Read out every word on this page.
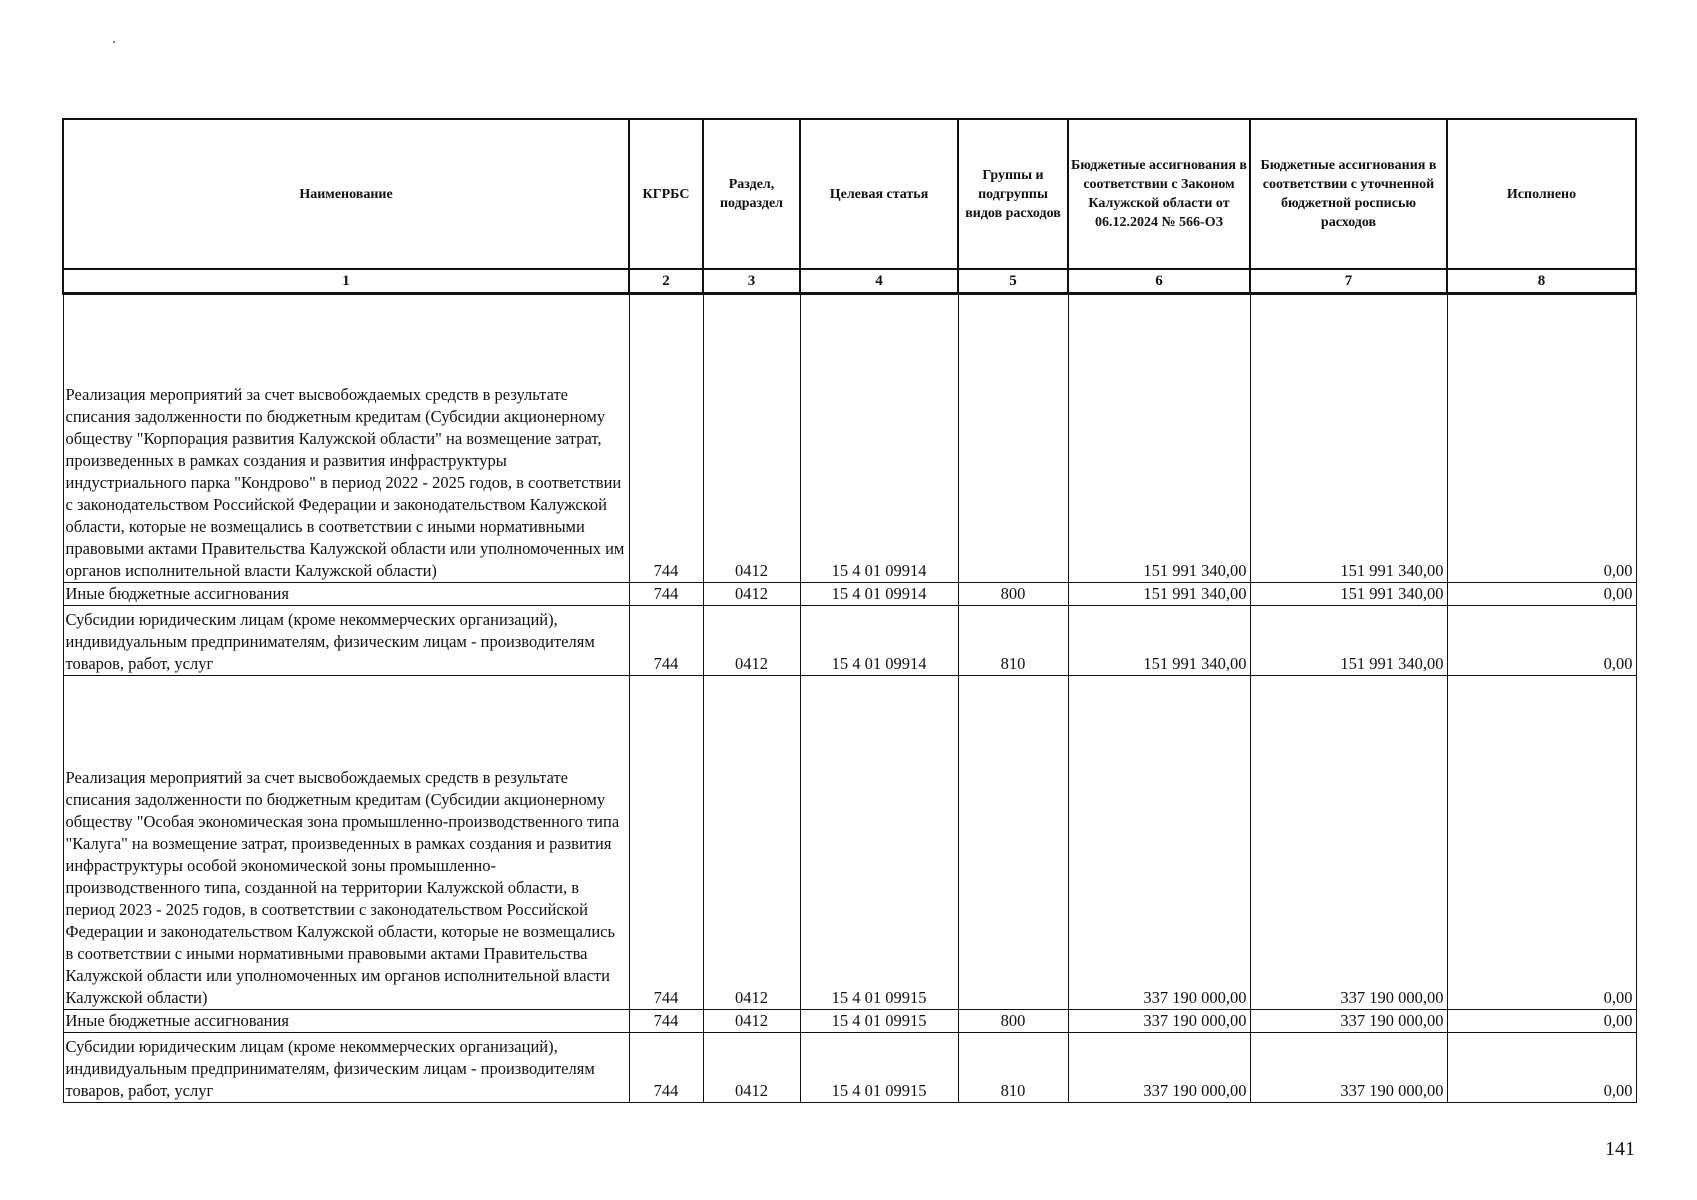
Наименование	КГРБС	Раздел, подраздел	Целевая статья	Группы и подгруппы видов расходов	Бюджетные ассигнования в соответствии с Законом Калужской области от 06.12.2024 № 566-ОЗ	Бюджетные ассигнования в соответствии с уточненной бюджетной росписью расходов	Исполнено
1	2	3	4	5	6	7	8
Реализация мероприятий за счет высвобождаемых средств в результате списания задолженности по бюджетным кредитам (Субсидии акционерному обществу "Корпорация развития Калужской области" на возмещение затрат, произведенных в рамках создания и развития инфраструктуры индустриального парка "Кондрово" в период 2022 - 2025 годов, в соответствии с законодательством Российской Федерации и законодательством Калужской области, которые не возмещались в соответствии с иными нормативными правовыми актами Правительства Калужской области или уполномоченных им органов исполнительной власти Калужской области)	744	0412	15 4 01 09914		151 991 340,00	151 991 340,00	0,00
Иные бюджетные ассигнования	744	0412	15 4 01 09914	800	151 991 340,00	151 991 340,00	0,00
Субсидии юридическим лицам (кроме некоммерческих организаций), индивидуальным предпринимателям, физическим лицам - производителям товаров, работ, услуг	744	0412	15 4 01 09914	810	151 991 340,00	151 991 340,00	0,00
Реализация мероприятий за счет высвобождаемых средств в результате списания задолженности по бюджетным кредитам (Субсидии акционерному обществу "Особая экономическая зона промышленно-производственного типа "Калуга" на возмещение затрат, произведенных в рамках создания и развития инфраструктуры особой экономической зоны промышленно-производственного типа, созданной на территории Калужской области, в период 2023 - 2025 годов, в соответствии с законодательством Российской Федерации и законодательством Калужской области, которые не возмещались в соответствии с иными нормативными правовыми актами Правительства Калужской области или уполномоченных им органов исполнительной власти Калужской области)	744	0412	15 4 01 09915		337 190 000,00	337 190 000,00	0,00
Иные бюджетные ассигнования	744	0412	15 4 01 09915	800	337 190 000,00	337 190 000,00	0,00
Субсидии юридическим лицам (кроме некоммерческих организаций), индивидуальным предпринимателям, физическим лицам - производителям товаров, работ, услуг	744	0412	15 4 01 09915	810	337 190 000,00	337 190 000,00	0,00
141
